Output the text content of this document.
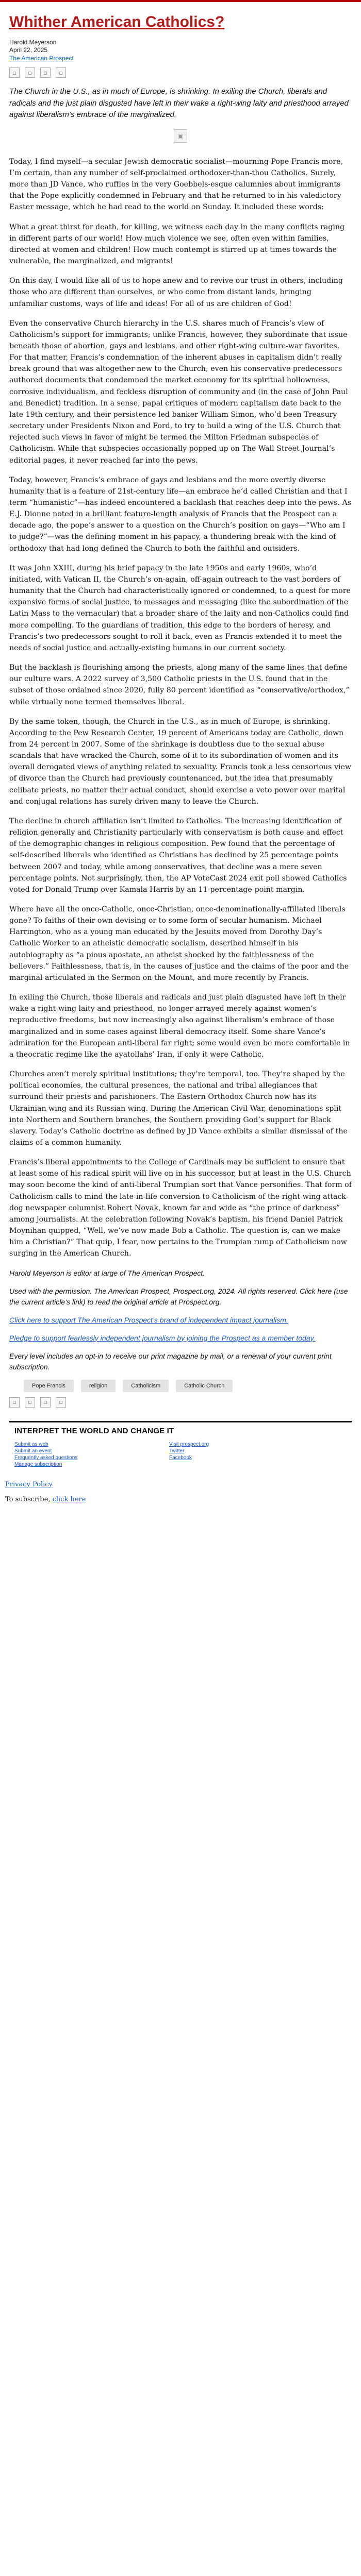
Whither American Catholics?
Harold Meyerson
April 22, 2025
The American Prospect
▫	▫	▫	▫

The Church in the U.S., as in much of Europe, is shrinking. In exiling the Church, liberals and radicals and the just plain disgusted have left in their wake a right-wing laity and priesthood arrayed against liberalism’s embrace of the marginalized.

▣

Today, I find myself—a secular Jewish democratic socialist—mourning Pope Francis more, I’m certain, than any number of self-proclaimed orthodoxer-than-thou Catholics. Surely, more than JD Vance, who ruffles in the very Goebbels-esque calumnies about immigrants that the Pope explicitly condemned in February and that he returned to in his valedictory Easter message, which he had read to the world on Sunday. It included these words:

What a great thirst for death, for killing, we witness each day in the many conflicts raging in different parts of our world! How much violence we see, often even within families, directed at women and children! How much contempt is stirred up at times towards the vulnerable, the marginalized, and migrants!

On this day, I would like all of us to hope anew and to revive our trust in others, including those who are different than ourselves, or who come from distant lands, bringing unfamiliar customs, ways of life and ideas! For all of us are children of God!

Even the conservative Church hierarchy in the U.S. shares much of Francis’s view of Catholicism’s support for immigrants; unlike Francis, however, they subordinate that issue beneath those of abortion, gays and lesbians, and other right-wing culture-war favorites. For that matter, Francis’s condemnation of the inherent abuses in capitalism didn’t really break ground that was altogether new to the Church; even his conservative predecessors authored documents that condemned the market economy for its spiritual hollowness, corrosive individualism, and feckless disruption of community and (in the case of John Paul and Benedict) tradition. In a sense, papal critiques of modern capitalism date back to the late 19th century, and their persistence led banker William Simon, who’d been Treasury secretary under Presidents Nixon and Ford, to try to build a wing of the U.S. Church that rejected such views in favor of might be termed the Milton Friedman subspecies of Catholicism. While that subspecies occasionally popped up on The Wall Street Journal’s editorial pages, it never reached far into the pews.

Today, however, Francis’s embrace of gays and lesbians and the more overtly diverse humanity that is a feature of 21st-century life—an embrace he’d called Christian and that I term “humanistic”—has indeed encountered a backlash that reaches deep into the pews. As E.J. Dionne noted in a brilliant feature-length analysis of Francis that the Prospect ran a decade ago, the pope’s answer to a question on the Church’s position on gays—“Who am I to judge?”—was the defining moment in his papacy, a thundering break with the kind of orthodoxy that had long defined the Church to both the faithful and outsiders.

It was John XXIII, during his brief papacy in the late 1950s and early 1960s, who’d initiated, with Vatican II, the Church’s on-again, off-again outreach to the vast borders of humanity that the Church had characteristically ignored or condemned, to a quest for more expansive forms of social justice, to messages and messaging (like the subordination of the Latin Mass to the vernacular) that a broader share of the laity and non-Catholics could find more compelling. To the guardians of tradition, this edge to the borders of heresy, and Francis’s two predecessors sought to roll it back, even as Francis extended it to meet the needs of social justice and actually-existing humans in our current society.

But the backlash is flourishing among the priests, along many of the same lines that define our culture wars. A 2022 survey of 3,500 Catholic priests in the U.S. found that in the subset of those ordained since 2020, fully 80 percent identified as “conservative/orthodox,” while virtually none termed themselves liberal.

By the same token, though, the Church in the U.S., as in much of Europe, is shrinking. According to the Pew Research Center, 19 percent of Americans today are Catholic, down from 24 percent in 2007. Some of the shrinkage is doubtless due to the sexual abuse scandals that have wracked the Church, some of it to its subordination of women and its overall derogated views of anything related to sexuality. Francis took a less censorious view of divorce than the Church had previously countenanced, but the idea that presumably celibate priests, no matter their actual conduct, should exercise a veto power over marital and conjugal relations has surely driven many to leave the Church.

The decline in church affiliation isn’t limited to Catholics. The increasing identification of religion generally and Christianity particularly with conservatism is both cause and effect of the demographic changes in religious composition. Pew found that the percentage of self-described liberals who identified as Christians has declined by 25 percentage points between 2007 and today, while among conservatives, that decline was a mere seven percentage points. Not surprisingly, then, the AP VoteCast 2024 exit poll showed Catholics voted for Donald Trump over Kamala Harris by an 11-percentage-point margin.

Where have all the once-Catholic, once-Christian, once-denominationally-affiliated liberals gone? To faiths of their own devising or to some form of secular humanism. Michael Harrington, who as a young man educated by the Jesuits moved from Dorothy Day’s Catholic Worker to an atheistic democratic socialism, described himself in his autobiography as “a pious apostate, an atheist shocked by the faithlessness of the believers.” Faithlessness, that is, in the causes of justice and the claims of the poor and the marginal articulated in the Sermon on the Mount, and more recently by Francis.

In exiling the Church, those liberals and radicals and just plain disgusted have left in their wake a right-wing laity and priesthood, no longer arrayed merely against women’s reproductive freedoms, but now increasingly also against liberalism’s embrace of those marginalized and in some cases against liberal democracy itself. Some share Vance’s admiration for the European anti-liberal far right; some would even be more comfortable in a theocratic regime like the ayatollahs’ Iran, if only it were Catholic.

Churches aren’t merely spiritual institutions; they’re temporal, too. They’re shaped by the political economies, the cultural presences, the national and tribal allegiances that surround their priests and parishioners. The Eastern Orthodox Church now has its Ukrainian wing and its Russian wing. During the American Civil War, denominations split into Northern and Southern branches, the Southern providing God’s support for Black slavery. Today’s Catholic doctrine as defined by JD Vance exhibits a similar dismissal of the claims of a common humanity.

Francis’s liberal appointments to the College of Cardinals may be sufficient to ensure that at least some of his radical spirit will live on in his successor, but at least in the U.S. Church may soon become the kind of anti-liberal Trumpian sort that Vance personifies. That form of Catholicism calls to mind the late-in-life conversion to Catholicism of the right-wing attack-dog newspaper columnist Robert Novak, known far and wide as “the prince of darkness” among journalists. At the celebration following Novak’s baptism, his friend Daniel Patrick Moynihan quipped, “Well, we’ve now made Bob a Catholic. The question is, can we make him a Christian?” That quip, I fear, now pertains to the Trumpian rump of Catholicism now surging in the American Church.

Harold Meyerson is editor at large of The American Prospect.

Used with the permission. The American Prospect, Prospect.org, 2024. All rights reserved. Click here (use the current article’s link) to read the original article at Prospect.org.

Click here to support The American Prospect’s brand of independent impact journalism.

Pledge to support fearlessly independent journalism by joining the Prospect as a member today.

Every level includes an opt-in to receive our print magazine by mail, or a renewal of your current print subscription.

Pope Francis	religion	Catholicism	Catholic Church
▫	▫	▫	▫
INTERPRET THE WORLD AND CHANGE IT
Submit as web	Visit prospect.org
Submit an event	Twitter
Frequently asked questions	Facebook
Manage subscription
Privacy Policy
To subscribe, click here
